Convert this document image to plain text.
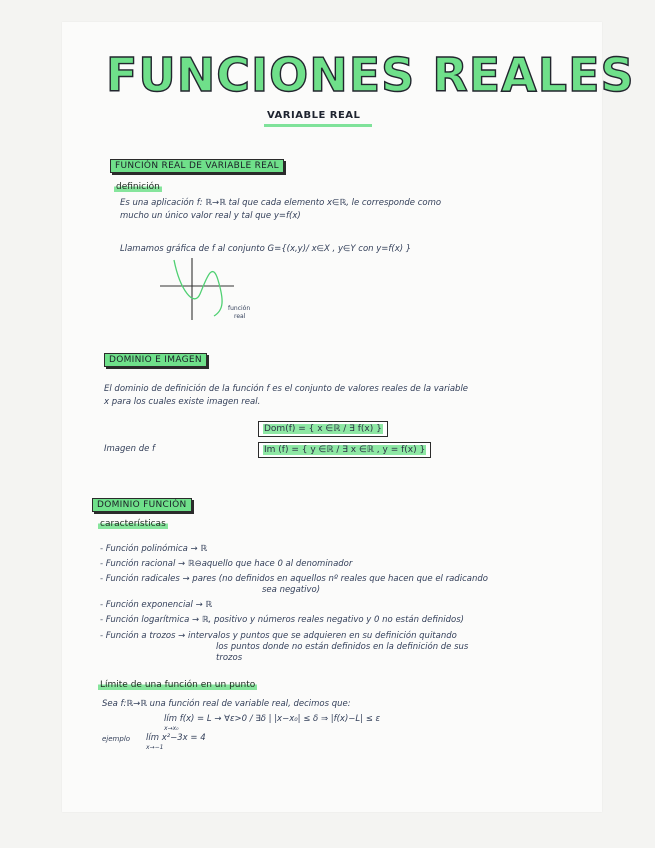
FUNCIONES REALES
VARIABLE REAL
FUNCIÓN REAL DE VARIABLE REAL
definición
Es una aplicación f: ℝ→ℝ tal que cada elemento x∈ℝ, le corresponde como
mucho un único valor real y tal que y=f(x)
Llamamos gráfica de f al conjunto G={(x,y)/ x∈X , y∈Y con y=f(x) }
función
real
DOMINIO E IMAGEN
El dominio de definición de la función f es el conjunto de valores reales de la variable
x para los cuales existe imagen real.
Dom(f) = { x ∈ℝ / ∃ f(x) }
Imagen de f	Im (f) = { y ∈ℝ / ∃ x ∈ℝ , y = f(x) }
DOMINIO FUNCIÓN
características
- Función polinómica → ℝ
- Función racional → ℝ⊖aquello que hace 0 al denominador
- Función radicales → pares (no definidos en aquellos nº reales que hacen que el radicando
sea negativo)
- Función exponencial → ℝ
- Función logarítmica → ℝ, positivo y números reales negativo y 0 no están definidos)
- Función a trozos → intervalos y puntos que se adquieren en su definición quitando
los puntos donde no están definidos en la definición de sus
trozos
Límite de una función en un punto
Sea f:ℝ→ℝ una función real de variable real, decimos que:
lím f(x) = L → ∀ε>0 / ∃δ | |x−x₀| ≤ δ ⇒ |f(x)−L| ≤ ε
x→x₀
ejemplo lím x²−3x = 4
x→−1
